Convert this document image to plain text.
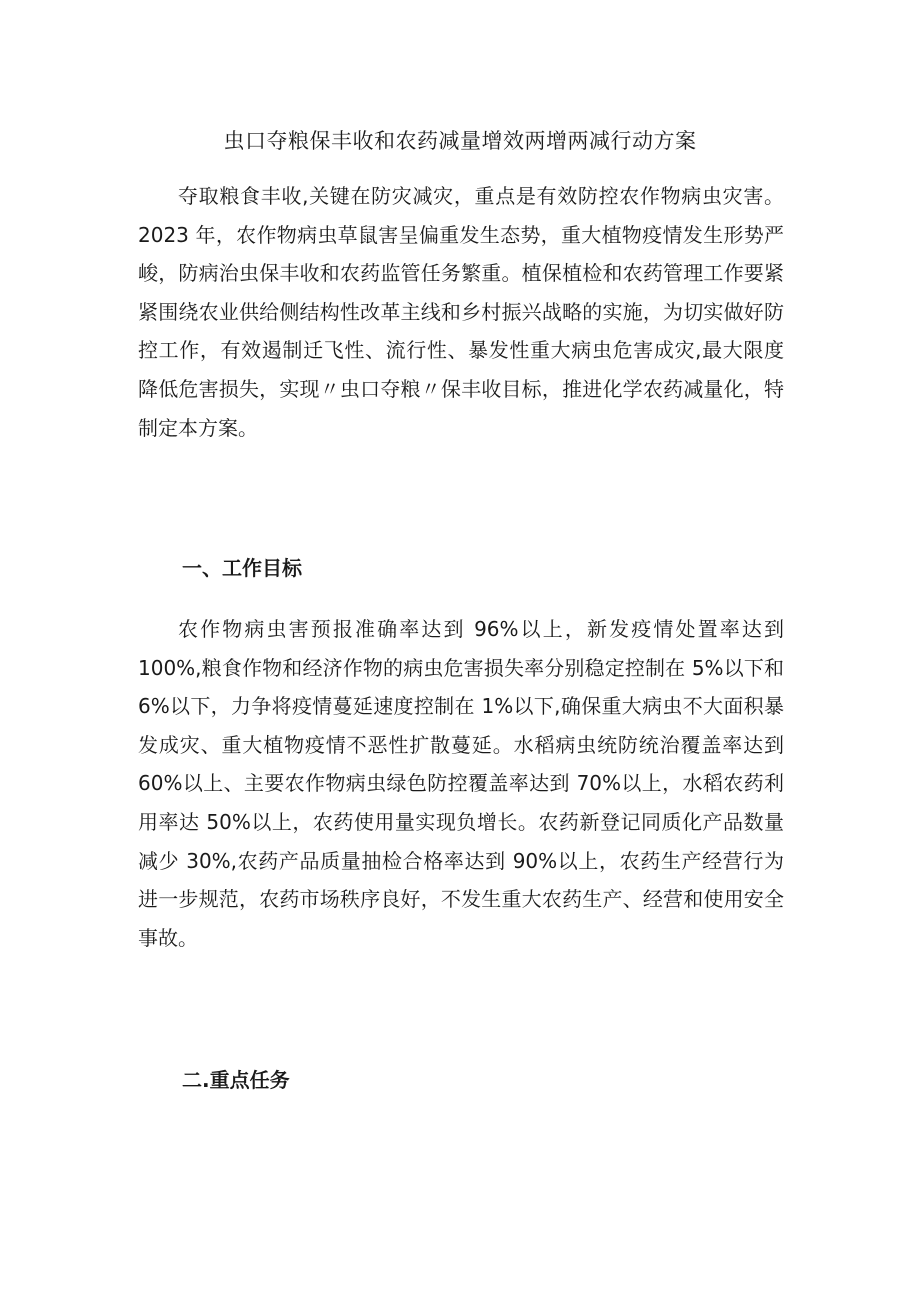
虫口夺粮保丰收和农药减量增效两增两减行动方案

夺取粮食丰收,关键在防灾减灾，重点是有效防控农作物病虫灾害。2023 年，农作物病虫草鼠害呈偏重发生态势，重大植物疫情发生形势严峻，防病治虫保丰收和农药监管任务繁重。植保植检和农药管理工作要紧紧围绕农业供给侧结构性改革主线和乡村振兴战略的实施，为切实做好防控工作，有效遏制迁飞性、流行性、暴发性重大病虫危害成灾,最大限度降低危害损失，实现〃虫口夺粮〃保丰收目标，推进化学农药减量化，特制定本方案。

一、工作目标

农作物病虫害预报准确率达到 96%以上，新发疫情处置率达到 100%,粮食作物和经济作物的病虫危害损失率分别稳定控制在 5%以下和 6%以下，力争将疫情蔓延速度控制在 1%以下,确保重大病虫不大面积暴发成灾、重大植物疫情不恶性扩散蔓延。水稻病虫统防统治覆盖率达到 60%以上、主要农作物病虫绿色防控覆盖率达到 70%以上，水稻农药利用率达 50%以上，农药使用量实现负增长。农药新登记同质化产品数量减少 30%,农药产品质量抽检合格率达到 90%以上，农药生产经营行为进一步规范，农药市场秩序良好，不发生重大农药生产、经营和使用安全事故。

二.重点任务
